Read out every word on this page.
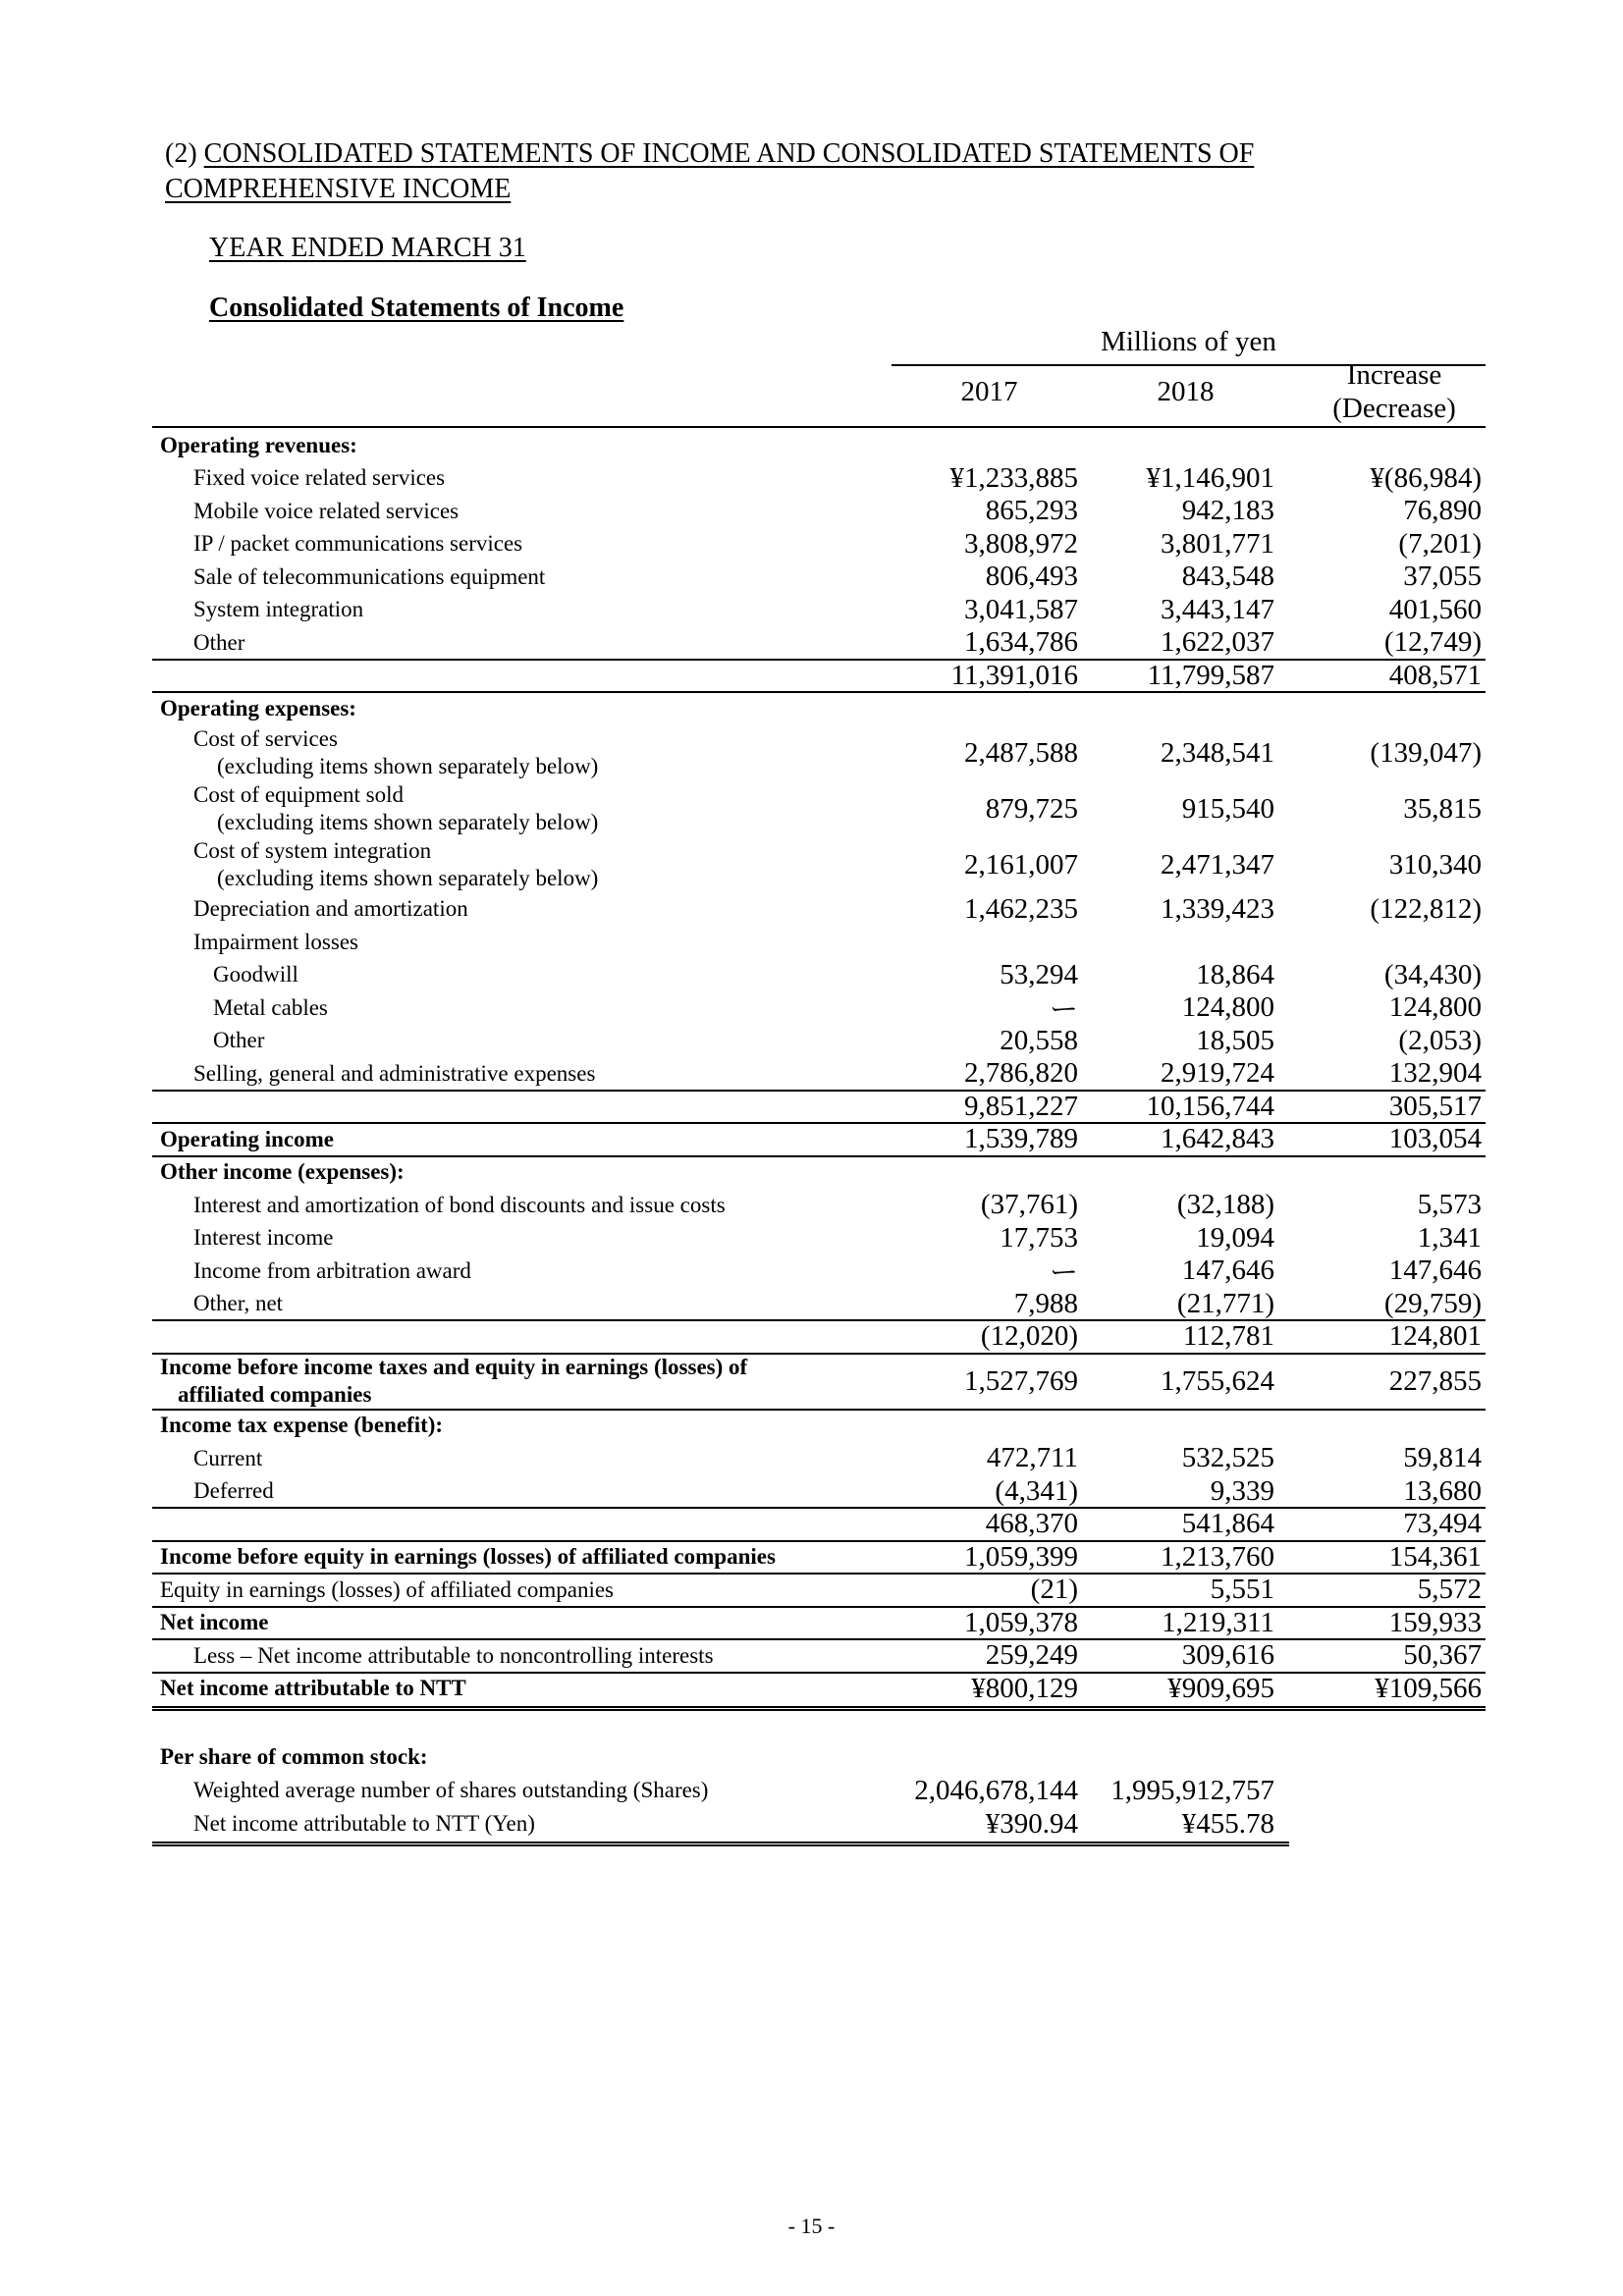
(2) CONSOLIDATED STATEMENTS OF INCOME AND CONSOLIDATED STATEMENTS OF
COMPREHENSIVE INCOME
YEAR ENDED MARCH 31
Consolidated Statements of Income
Millions of yen
2017	2018
Increase
(Decrease)
Operating revenues:
Fixed voice related services	¥1,233,885	¥1,146,901	¥(86,984)
Mobile voice related services	865,293	942,183	76,890
IP / packet communications services	3,808,972	3,801,771	(7,201)
Sale of telecommunications equipment	806,493	843,548	37,055
System integration	3,041,587	3,443,147	401,560
Other	1,634,786	1,622,037	(12,749)
11,391,016	11,799,587	408,571
Operating expenses:
Cost of services
(excluding items shown separately below)	2,487,588	2,348,541	(139,047)
Cost of equipment sold
(excluding items shown separately below)	879,725	915,540	35,815
Cost of system integration
(excluding items shown separately below)	2,161,007	2,471,347	310,340
Depreciation and amortization	1,462,235	1,339,423	(122,812)
Impairment losses
Goodwill	53,294	18,864	(34,430)
Metal cables	ー	124,800	124,800
Other	20,558	18,505	(2,053)
Selling, general and administrative expenses	2,786,820	2,919,724	132,904
9,851,227	10,156,744	305,517
Operating income	1,539,789	1,642,843	103,054
Other income (expenses):
Interest and amortization of bond discounts and issue costs	(37,761)	(32,188)	5,573
Interest income	17,753	19,094	1,341
Income from arbitration award	ー	147,646	147,646
Other, net	7,988	(21,771)	(29,759)
(12,020)	112,781	124,801
Income before income taxes and equity in earnings (losses) of
affiliated companies	1,527,769	1,755,624	227,855
Income tax expense (benefit):
Current	472,711	532,525	59,814
Deferred	(4,341)	9,339	13,680
468,370	541,864	73,494
Income before equity in earnings (losses) of affiliated companies	1,059,399	1,213,760	154,361
Equity in earnings (losses) of affiliated companies	(21)	5,551	5,572
Net income	1,059,378	1,219,311	159,933
Less – Net income attributable to noncontrolling interests	259,249	309,616	50,367
Net income attributable to NTT	¥800,129	¥909,695	¥109,566
Per share of common stock:
Weighted average number of shares outstanding (Shares)	2,046,678,144	1,995,912,757
Net income attributable to NTT (Yen)	¥390.94	¥455.78
- 15 -
